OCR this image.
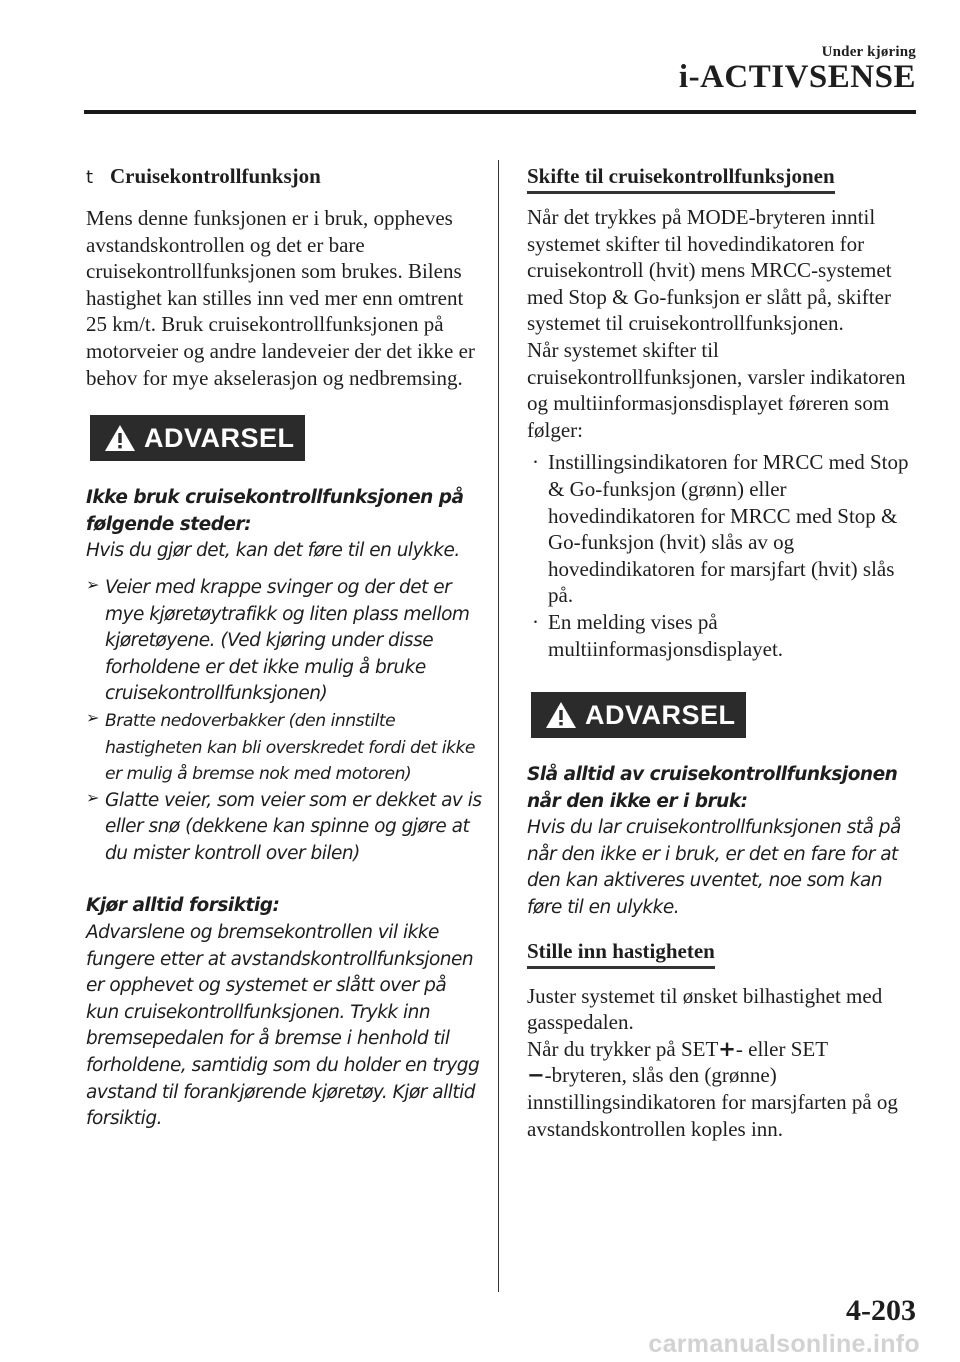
Under kjøring
i-ACTIVSENSE

t Cruisekontrollfunksjon

Mens denne funksjonen er i bruk, oppheves avstandskontrollen og det er bare cruisekontrollfunksjonen som brukes. Bilens hastighet kan stilles inn ved mer enn omtrent 25 km/t. Bruk cruisekontrollfunksjonen på motorveier og andre landeveier der det ikke er behov for mye akselerasjon og nedbremsing.

ADVARSEL

Ikke bruk cruisekontrollfunksjonen på følgende steder:

Hvis du gjør det, kan det føre til en ulykke.

➢ Veier med krappe svinger og der det er mye kjøretøytrafikk og liten plass mellom kjøretøyene. (Ved kjøring under disse forholdene er det ikke mulig å bruke cruisekontrollfunksjonen)

➢ Bratte nedoverbakker (den innstilte hastigheten kan bli overskredet fordi det ikke er mulig å bremse nok med motoren)

➢ Glatte veier, som veier som er dekket av is eller snø (dekkene kan spinne og gjøre at du mister kontroll over bilen)

Kjør alltid forsiktig:

Advarslene og bremsekontrollen vil ikke fungere etter at avstandskontrollfunksjonen er opphevet og systemet er slått over på kun cruisekontrollfunksjonen. Trykk inn bremsepedalen for å bremse i henhold til forholdene, samtidig som du holder en trygg avstand til forankjørende kjøretøy. Kjør alltid forsiktig.

Skifte til cruisekontrollfunksjonen

Når det trykkes på MODE-bryteren inntil systemet skifter til hovedindikatoren for cruisekontroll (hvit) mens MRCC-systemet med Stop & Go-funksjon er slått på, skifter systemet til cruisekontrollfunksjonen.

Når systemet skifter til cruisekontrollfunksjonen, varsler indikatoren og multiinformasjonsdisplayet føreren som følger:

· Instillingsindikatoren for MRCC med Stop & Go-funksjon (grønn) eller hovedindikatoren for MRCC med Stop & Go-funksjon (hvit) slås av og hovedindikatoren for marsjfart (hvit) slås på.

· En melding vises på multiinformasjonsdisplayet.

ADVARSEL

Slå alltid av cruisekontrollfunksjonen når den ikke er i bruk:

Hvis du lar cruisekontrollfunksjonen stå på når den ikke er i bruk, er det en fare for at den kan aktiveres uventet, noe som kan føre til en ulykke.

Stille inn hastigheten

Juster systemet til ønsket bilhastighet med gasspedalen.

Når du trykker på SET+- eller SET
−-bryteren, slås den (grønne) innstillingsindikatoren for marsjfarten på og avstandskontrollen koples inn.

4-203
carmanualsonline.info
